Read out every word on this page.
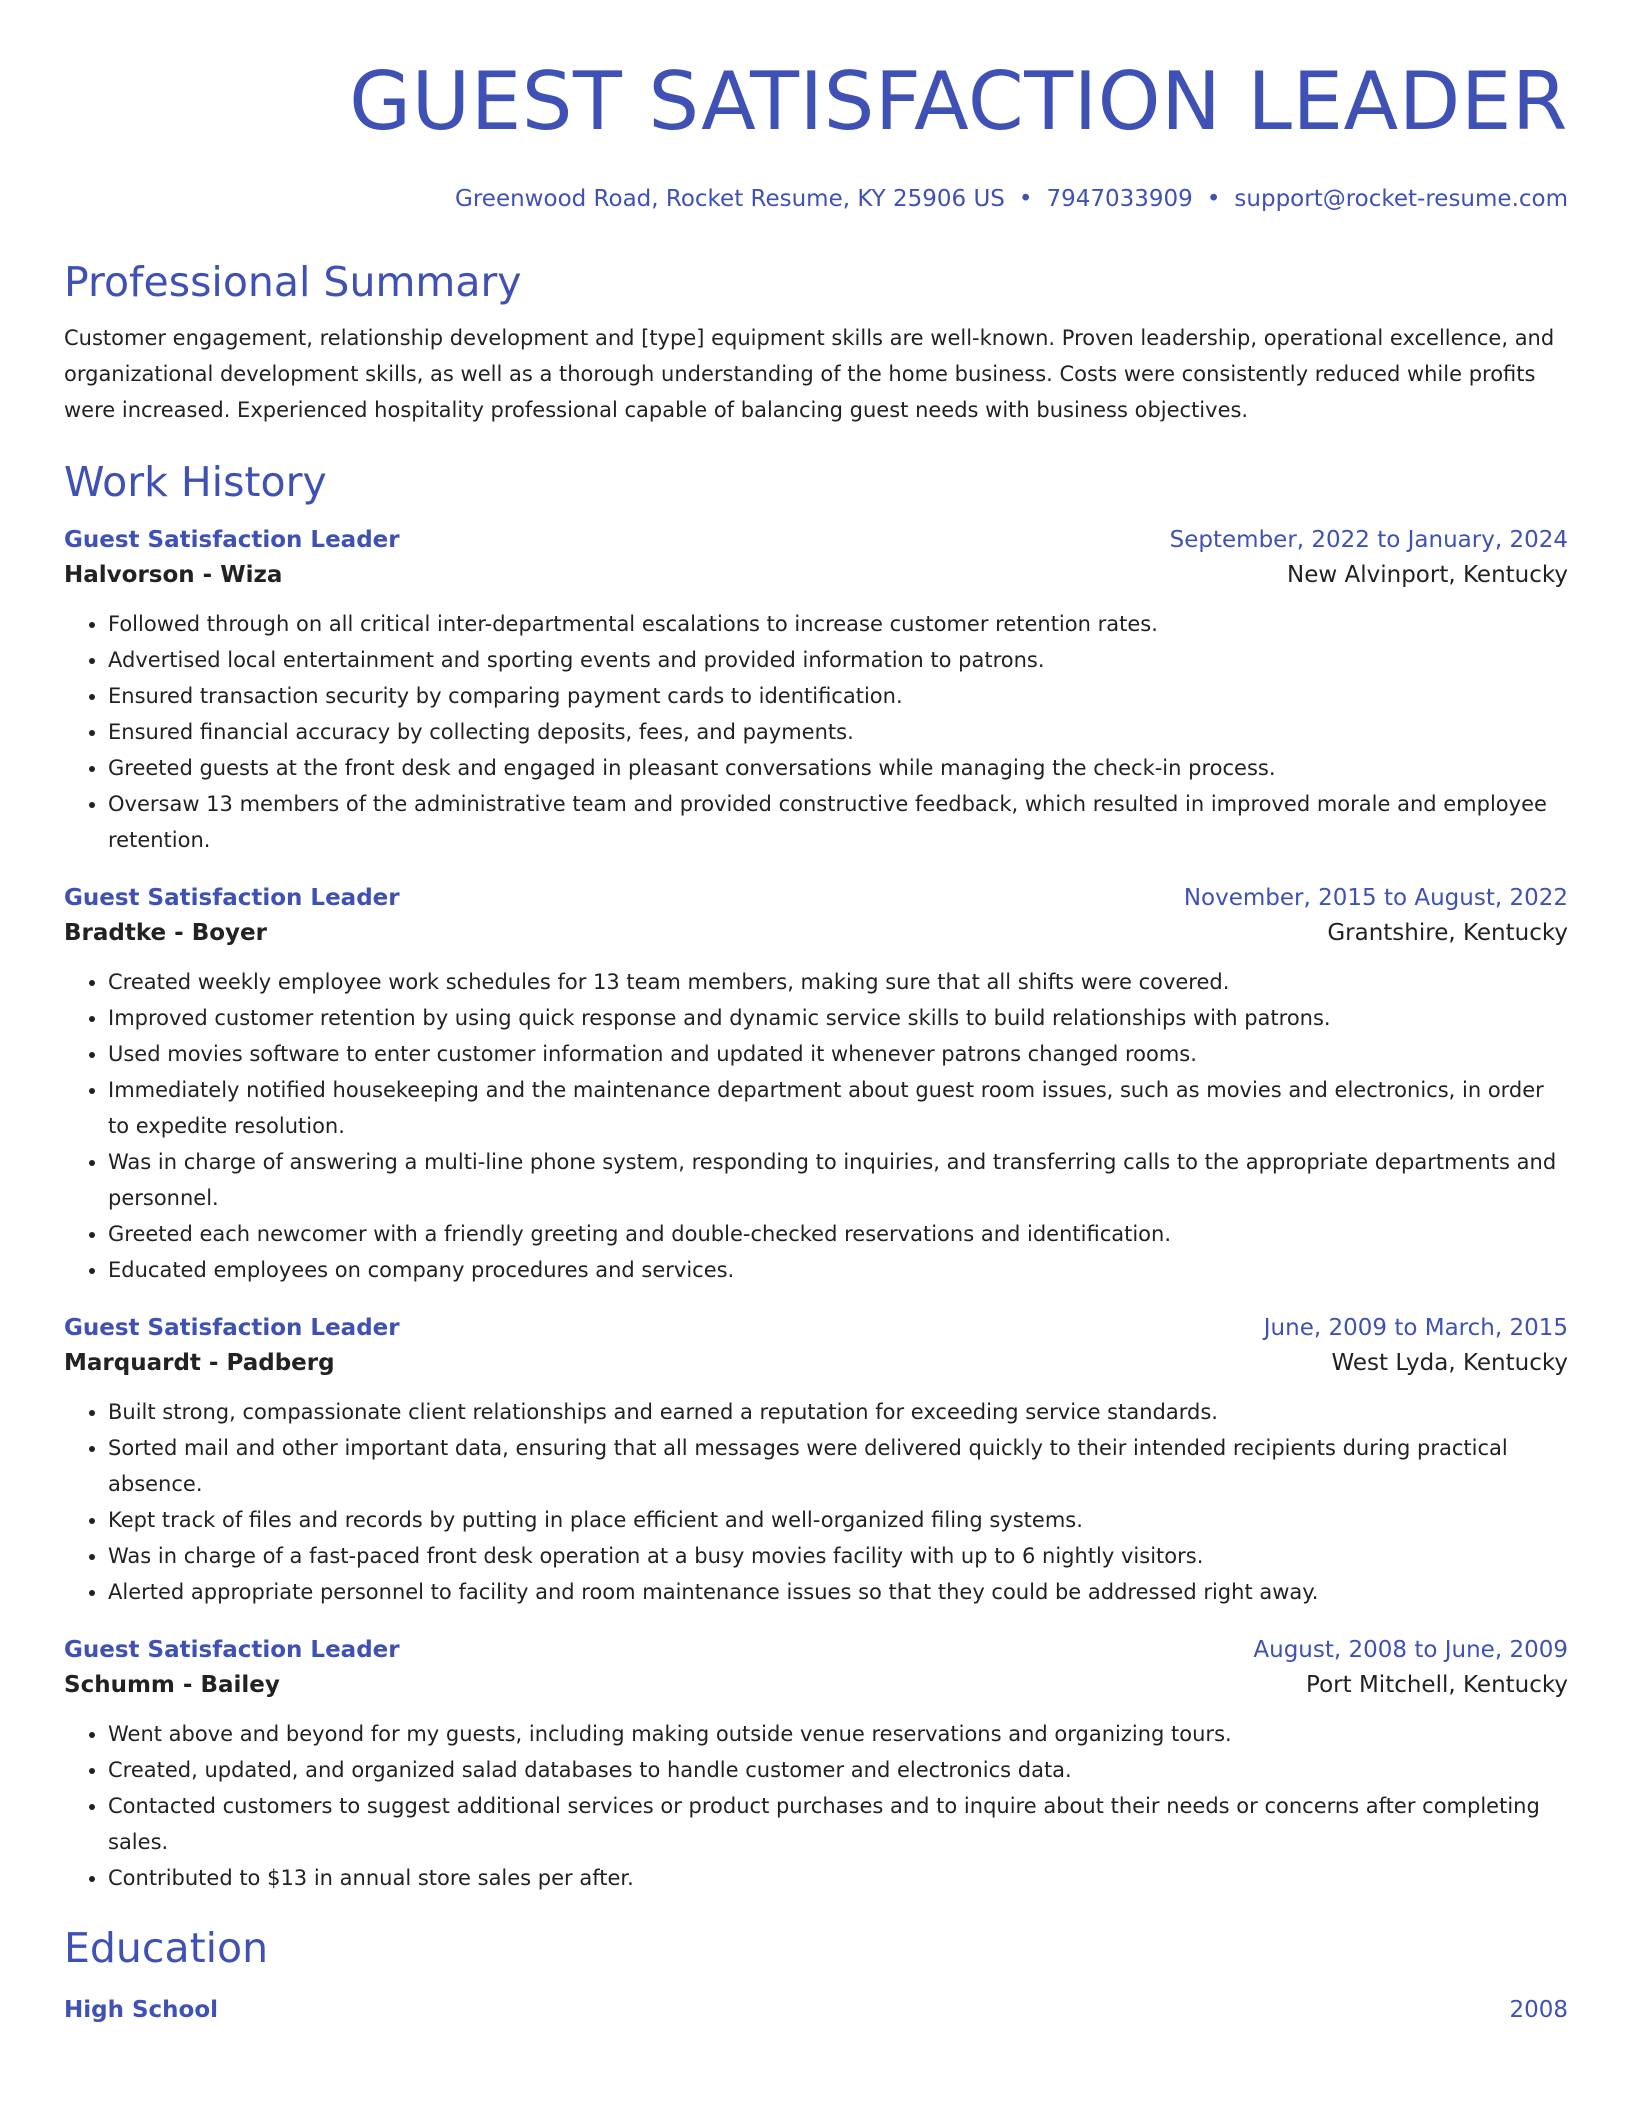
GUEST SATISFACTION LEADER
Greenwood Road, Rocket Resume, KY 25906 US • 7947033909 • support@rocket-resume.com
Professional Summary
Customer engagement, relationship development and [type] equipment skills are well-known. Proven leadership, operational excellence, and organizational development skills, as well as a thorough understanding of the home business. Costs were consistently reduced while profits were increased. Experienced hospitality professional capable of balancing guest needs with business objectives.
Work History
Guest Satisfaction Leader	September, 2022 to January, 2024
Halvorson - Wiza	New Alvinport, Kentucky
• Followed through on all critical inter-departmental escalations to increase customer retention rates.
• Advertised local entertainment and sporting events and provided information to patrons.
• Ensured transaction security by comparing payment cards to identification.
• Ensured financial accuracy by collecting deposits, fees, and payments.
• Greeted guests at the front desk and engaged in pleasant conversations while managing the check-in process.
• Oversaw 13 members of the administrative team and provided constructive feedback, which resulted in improved morale and employee retention.
Guest Satisfaction Leader	November, 2015 to August, 2022
Bradtke - Boyer	Grantshire, Kentucky
• Created weekly employee work schedules for 13 team members, making sure that all shifts were covered.
• Improved customer retention by using quick response and dynamic service skills to build relationships with patrons.
• Used movies software to enter customer information and updated it whenever patrons changed rooms.
• Immediately notified housekeeping and the maintenance department about guest room issues, such as movies and electronics, in order to expedite resolution.
• Was in charge of answering a multi-line phone system, responding to inquiries, and transferring calls to the appropriate departments and personnel.
• Greeted each newcomer with a friendly greeting and double-checked reservations and identification.
• Educated employees on company procedures and services.
Guest Satisfaction Leader	June, 2009 to March, 2015
Marquardt - Padberg	West Lyda, Kentucky
• Built strong, compassionate client relationships and earned a reputation for exceeding service standards.
• Sorted mail and other important data, ensuring that all messages were delivered quickly to their intended recipients during practical absence.
• Kept track of files and records by putting in place efficient and well-organized filing systems.
• Was in charge of a fast-paced front desk operation at a busy movies facility with up to 6 nightly visitors.
• Alerted appropriate personnel to facility and room maintenance issues so that they could be addressed right away.
Guest Satisfaction Leader	August, 2008 to June, 2009
Schumm - Bailey	Port Mitchell, Kentucky
• Went above and beyond for my guests, including making outside venue reservations and organizing tours.
• Created, updated, and organized salad databases to handle customer and electronics data.
• Contacted customers to suggest additional services or product purchases and to inquire about their needs or concerns after completing sales.
• Contributed to $13 in annual store sales per after.
Education
High School	2008
